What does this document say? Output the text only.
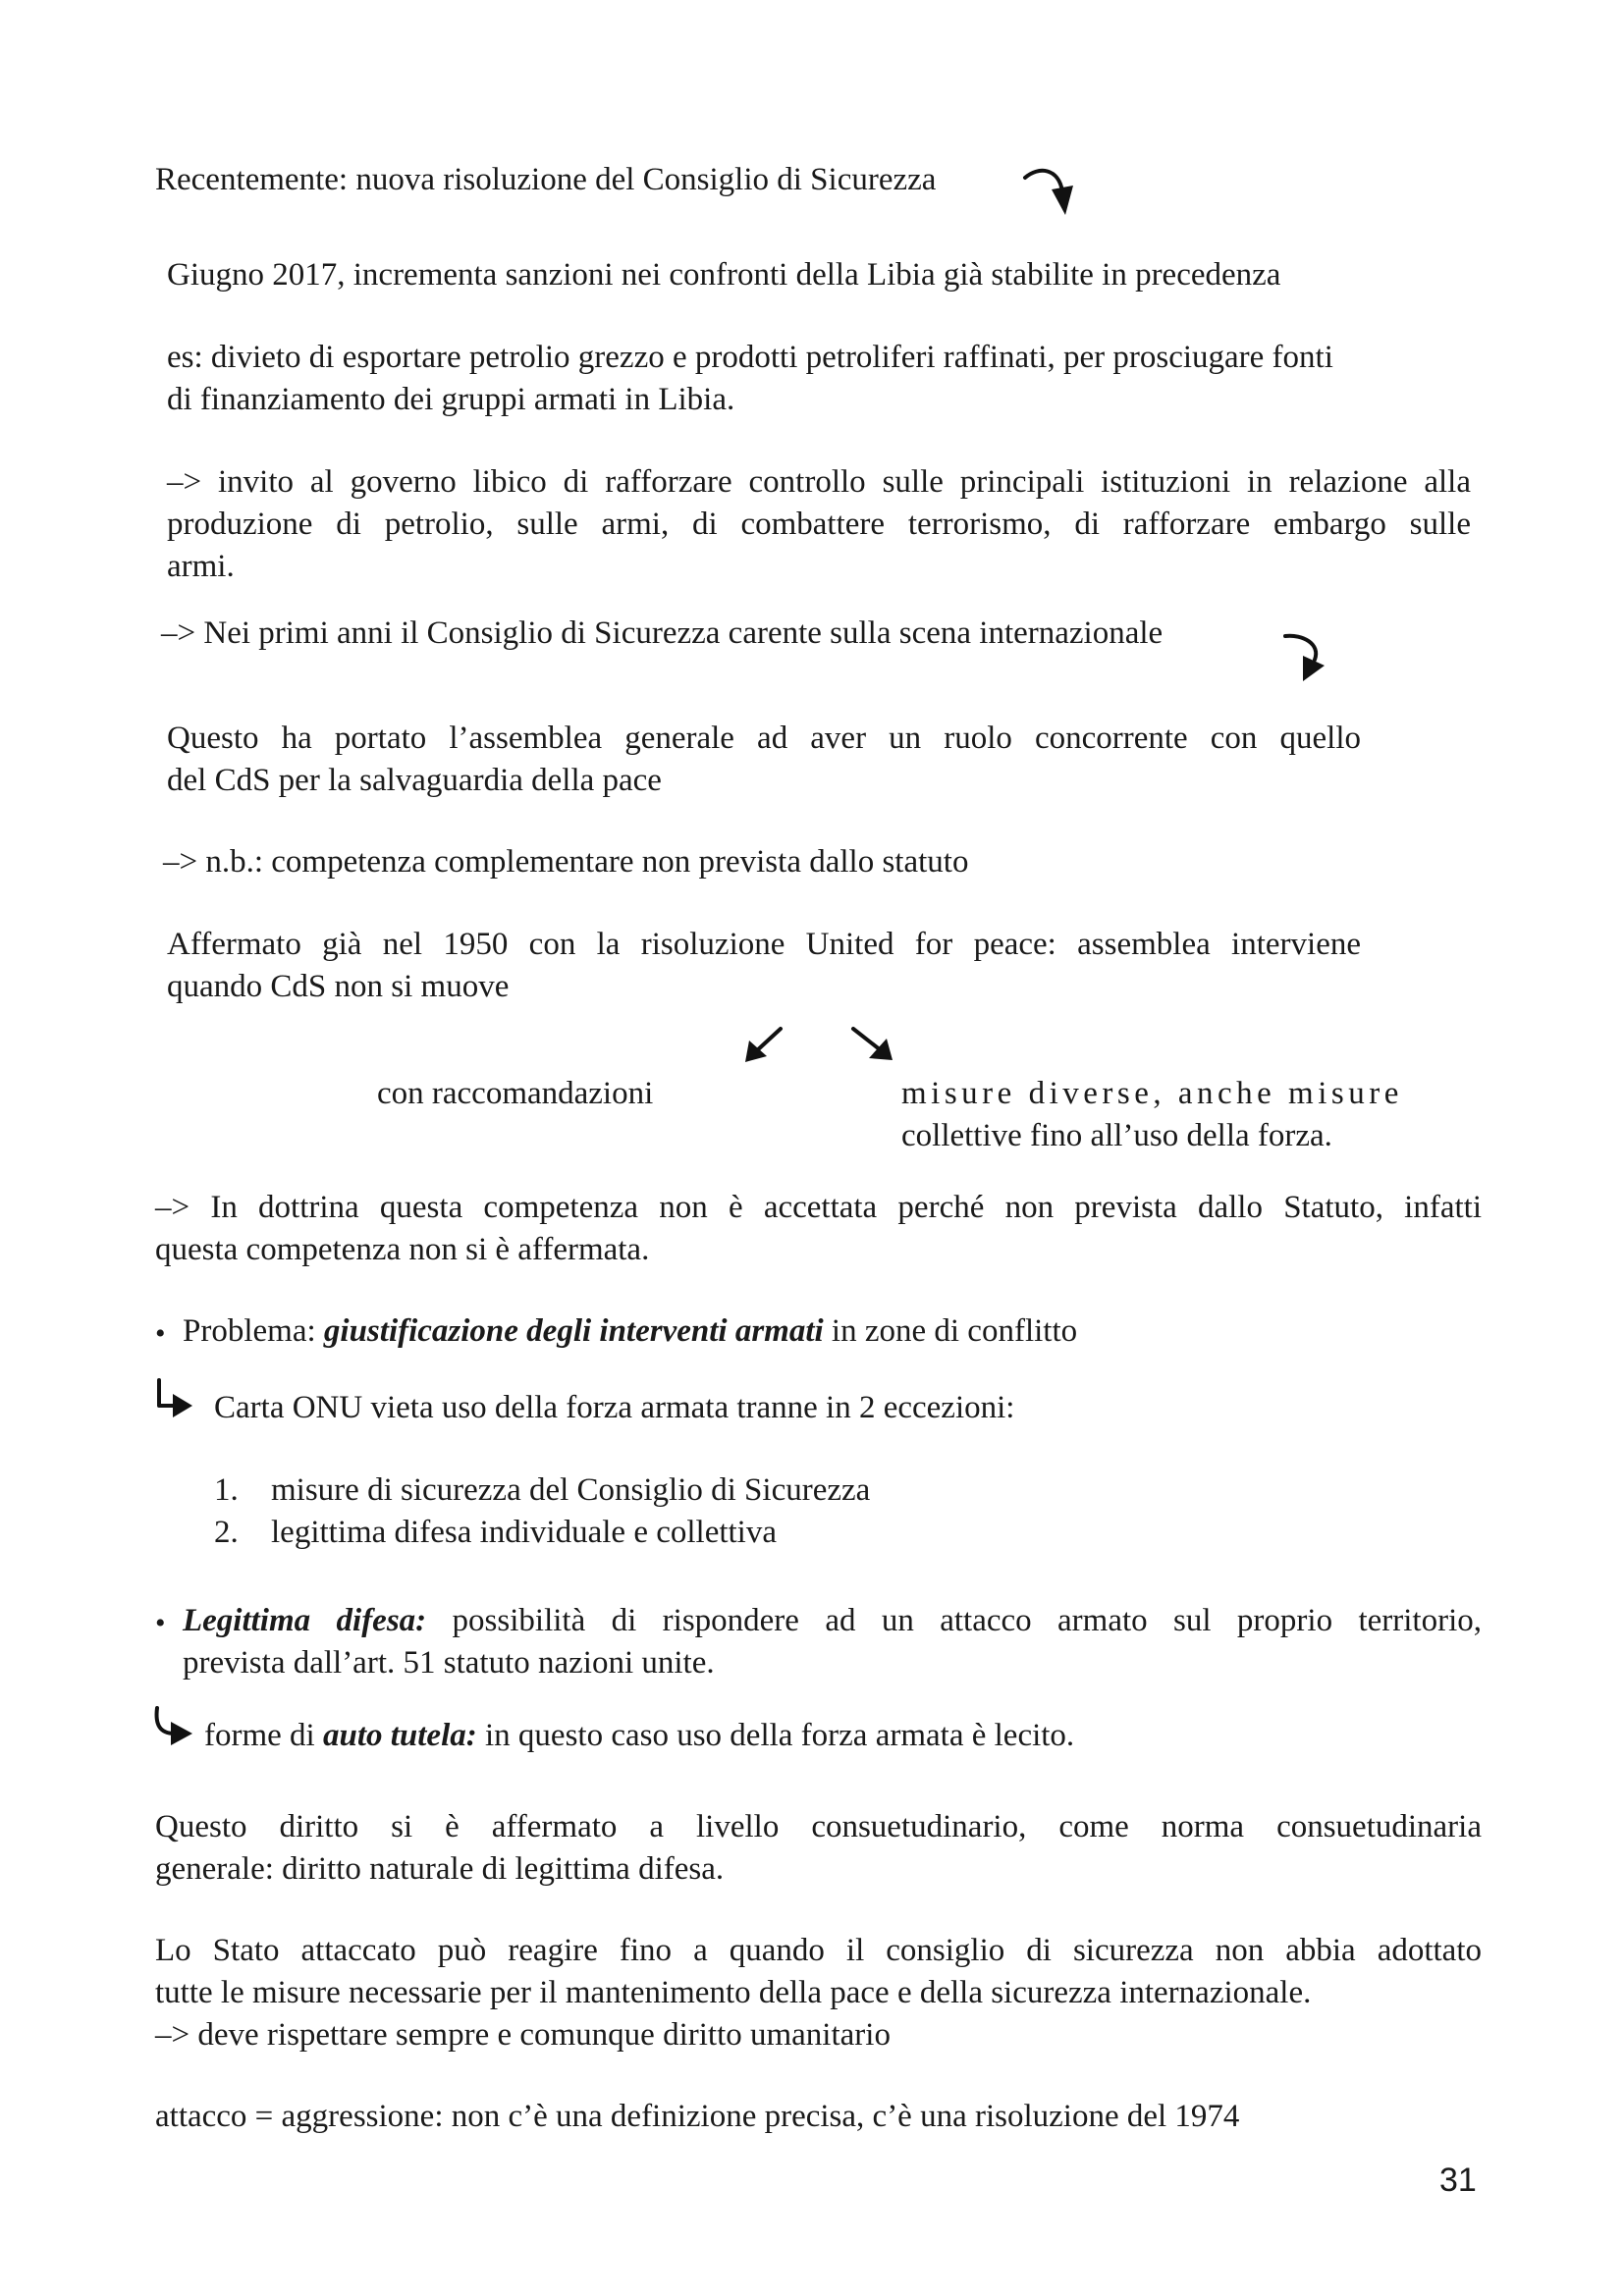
Recentemente: nuova risoluzione del Consiglio di Sicurezza
Giugno 2017, incrementa sanzioni nei confronti della Libia già stabilite in precedenza
es: divieto di esportare petrolio grezzo e prodotti petroliferi raffinati, per prosciugare fonti
di finanziamento dei gruppi armati in Libia.
–> invito al governo libico di rafforzare controllo sulle principali istituzioni in relazione alla
produzione di petrolio, sulle armi, di combattere terrorismo, di rafforzare embargo sulle
armi.
–> Nei primi anni il Consiglio di Sicurezza carente sulla scena internazionale
Questo ha portato l’assemblea generale ad aver un ruolo concorrente con quello
del CdS per la salvaguardia della pace
–> n.b.: competenza complementare non prevista dallo statuto
Affermato già nel 1950 con la risoluzione United for peace: assemblea interviene
quando CdS non si muove
con raccomandazioni	misure diverse, anche misure
collettive fino all’uso della forza.
–> In dottrina questa competenza non è accettata perché non prevista dallo Statuto, infatti
questa competenza non si è affermata.
• Problema: giustificazione degli interventi armati in zone di conflitto
Carta ONU vieta uso della forza armata tranne in 2 eccezioni:
1. misure di sicurezza del Consiglio di Sicurezza
2. legittima difesa individuale e collettiva
• Legittima difesa: possibilità di rispondere ad un attacco armato sul proprio territorio,
prevista dall’art. 51 statuto nazioni unite.
forme di auto tutela: in questo caso uso della forza armata è lecito.
Questo diritto si è affermato a livello consuetudinario, come norma consuetudinaria
generale: diritto naturale di legittima difesa.
Lo Stato attaccato può reagire fino a quando il consiglio di sicurezza non abbia adottato
tutte le misure necessarie per il mantenimento della pace e della sicurezza internazionale.
–> deve rispettare sempre e comunque diritto umanitario
attacco = aggressione: non c’è una definizione precisa, c’è una risoluzione del 1974
31
